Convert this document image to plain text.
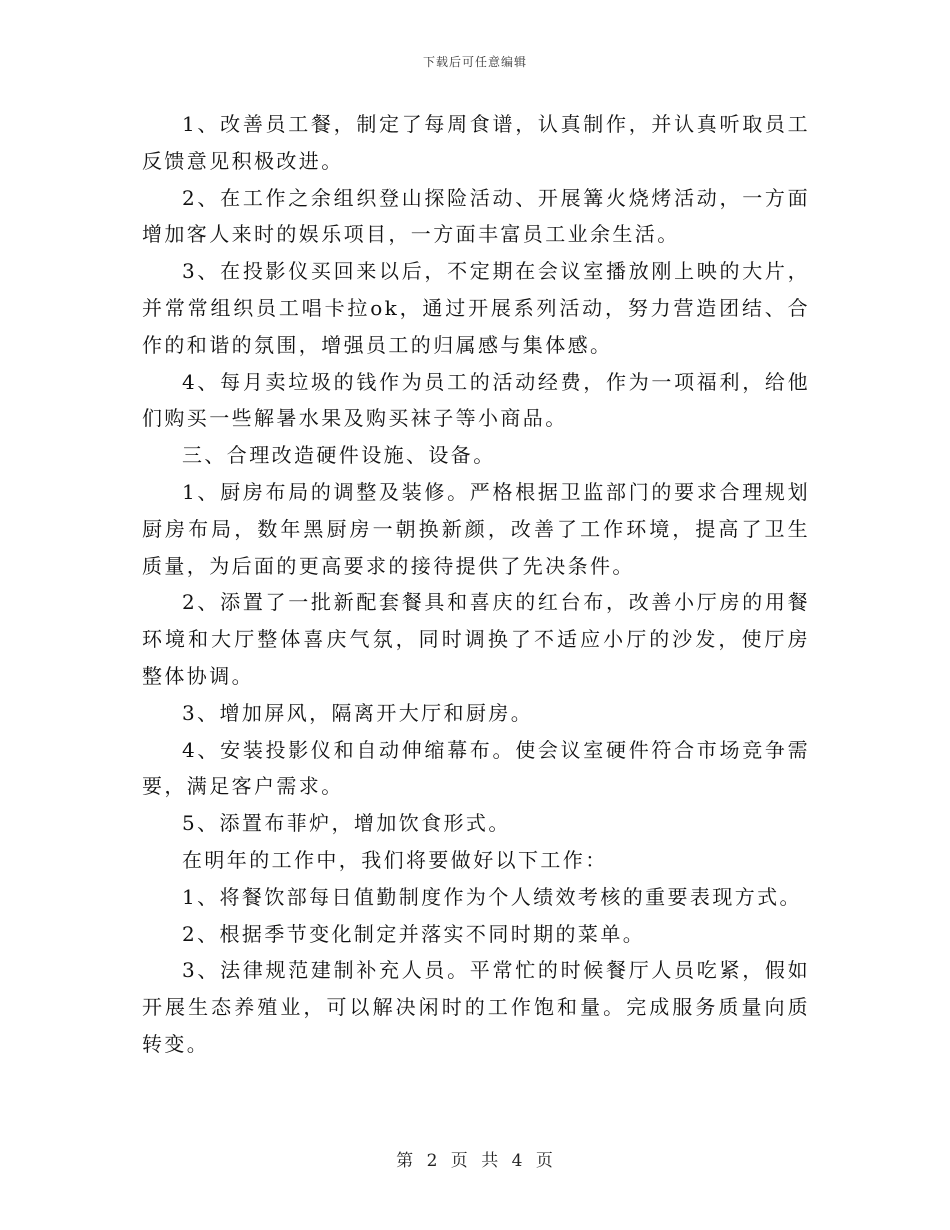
下载后可任意编辑

1、改善员工餐，制定了每周食谱，认真制作，并认真听取员工反馈意见积极改进。

2、在工作之余组织登山探险活动、开展篝火烧烤活动，一方面增加客人来时的娱乐项目，一方面丰富员工业余生活。

3、在投影仪买回来以后，不定期在会议室播放刚上映的大片，并常常组织员工唱卡拉ok，通过开展系列活动，努力营造团结、合作的和谐的氛围，增强员工的归属感与集体感。

4、每月卖垃圾的钱作为员工的活动经费，作为一项福利，给他们购买一些解暑水果及购买袜子等小商品。

三、合理改造硬件设施、设备。

1、厨房布局的调整及装修。严格根据卫监部门的要求合理规划厨房布局，数年黑厨房一朝换新颜，改善了工作环境，提高了卫生质量，为后面的更高要求的接待提供了先决条件。

2、添置了一批新配套餐具和喜庆的红台布，改善小厅房的用餐环境和大厅整体喜庆气氛，同时调换了不适应小厅的沙发，使厅房整体协调。

3、增加屏风，隔离开大厅和厨房。

4、安装投影仪和自动伸缩幕布。使会议室硬件符合市场竞争需要，满足客户需求。

5、添置布菲炉，增加饮食形式。

在明年的工作中，我们将要做好以下工作：

1、将餐饮部每日值勤制度作为个人绩效考核的重要表现方式。

2、根据季节变化制定并落实不同时期的菜单。

3、法律规范建制补充人员。平常忙的时候餐厅人员吃紧，假如开展生态养殖业，可以解决闲时的工作饱和量。完成服务质量向质转变。

第 2 页 共 4 页
